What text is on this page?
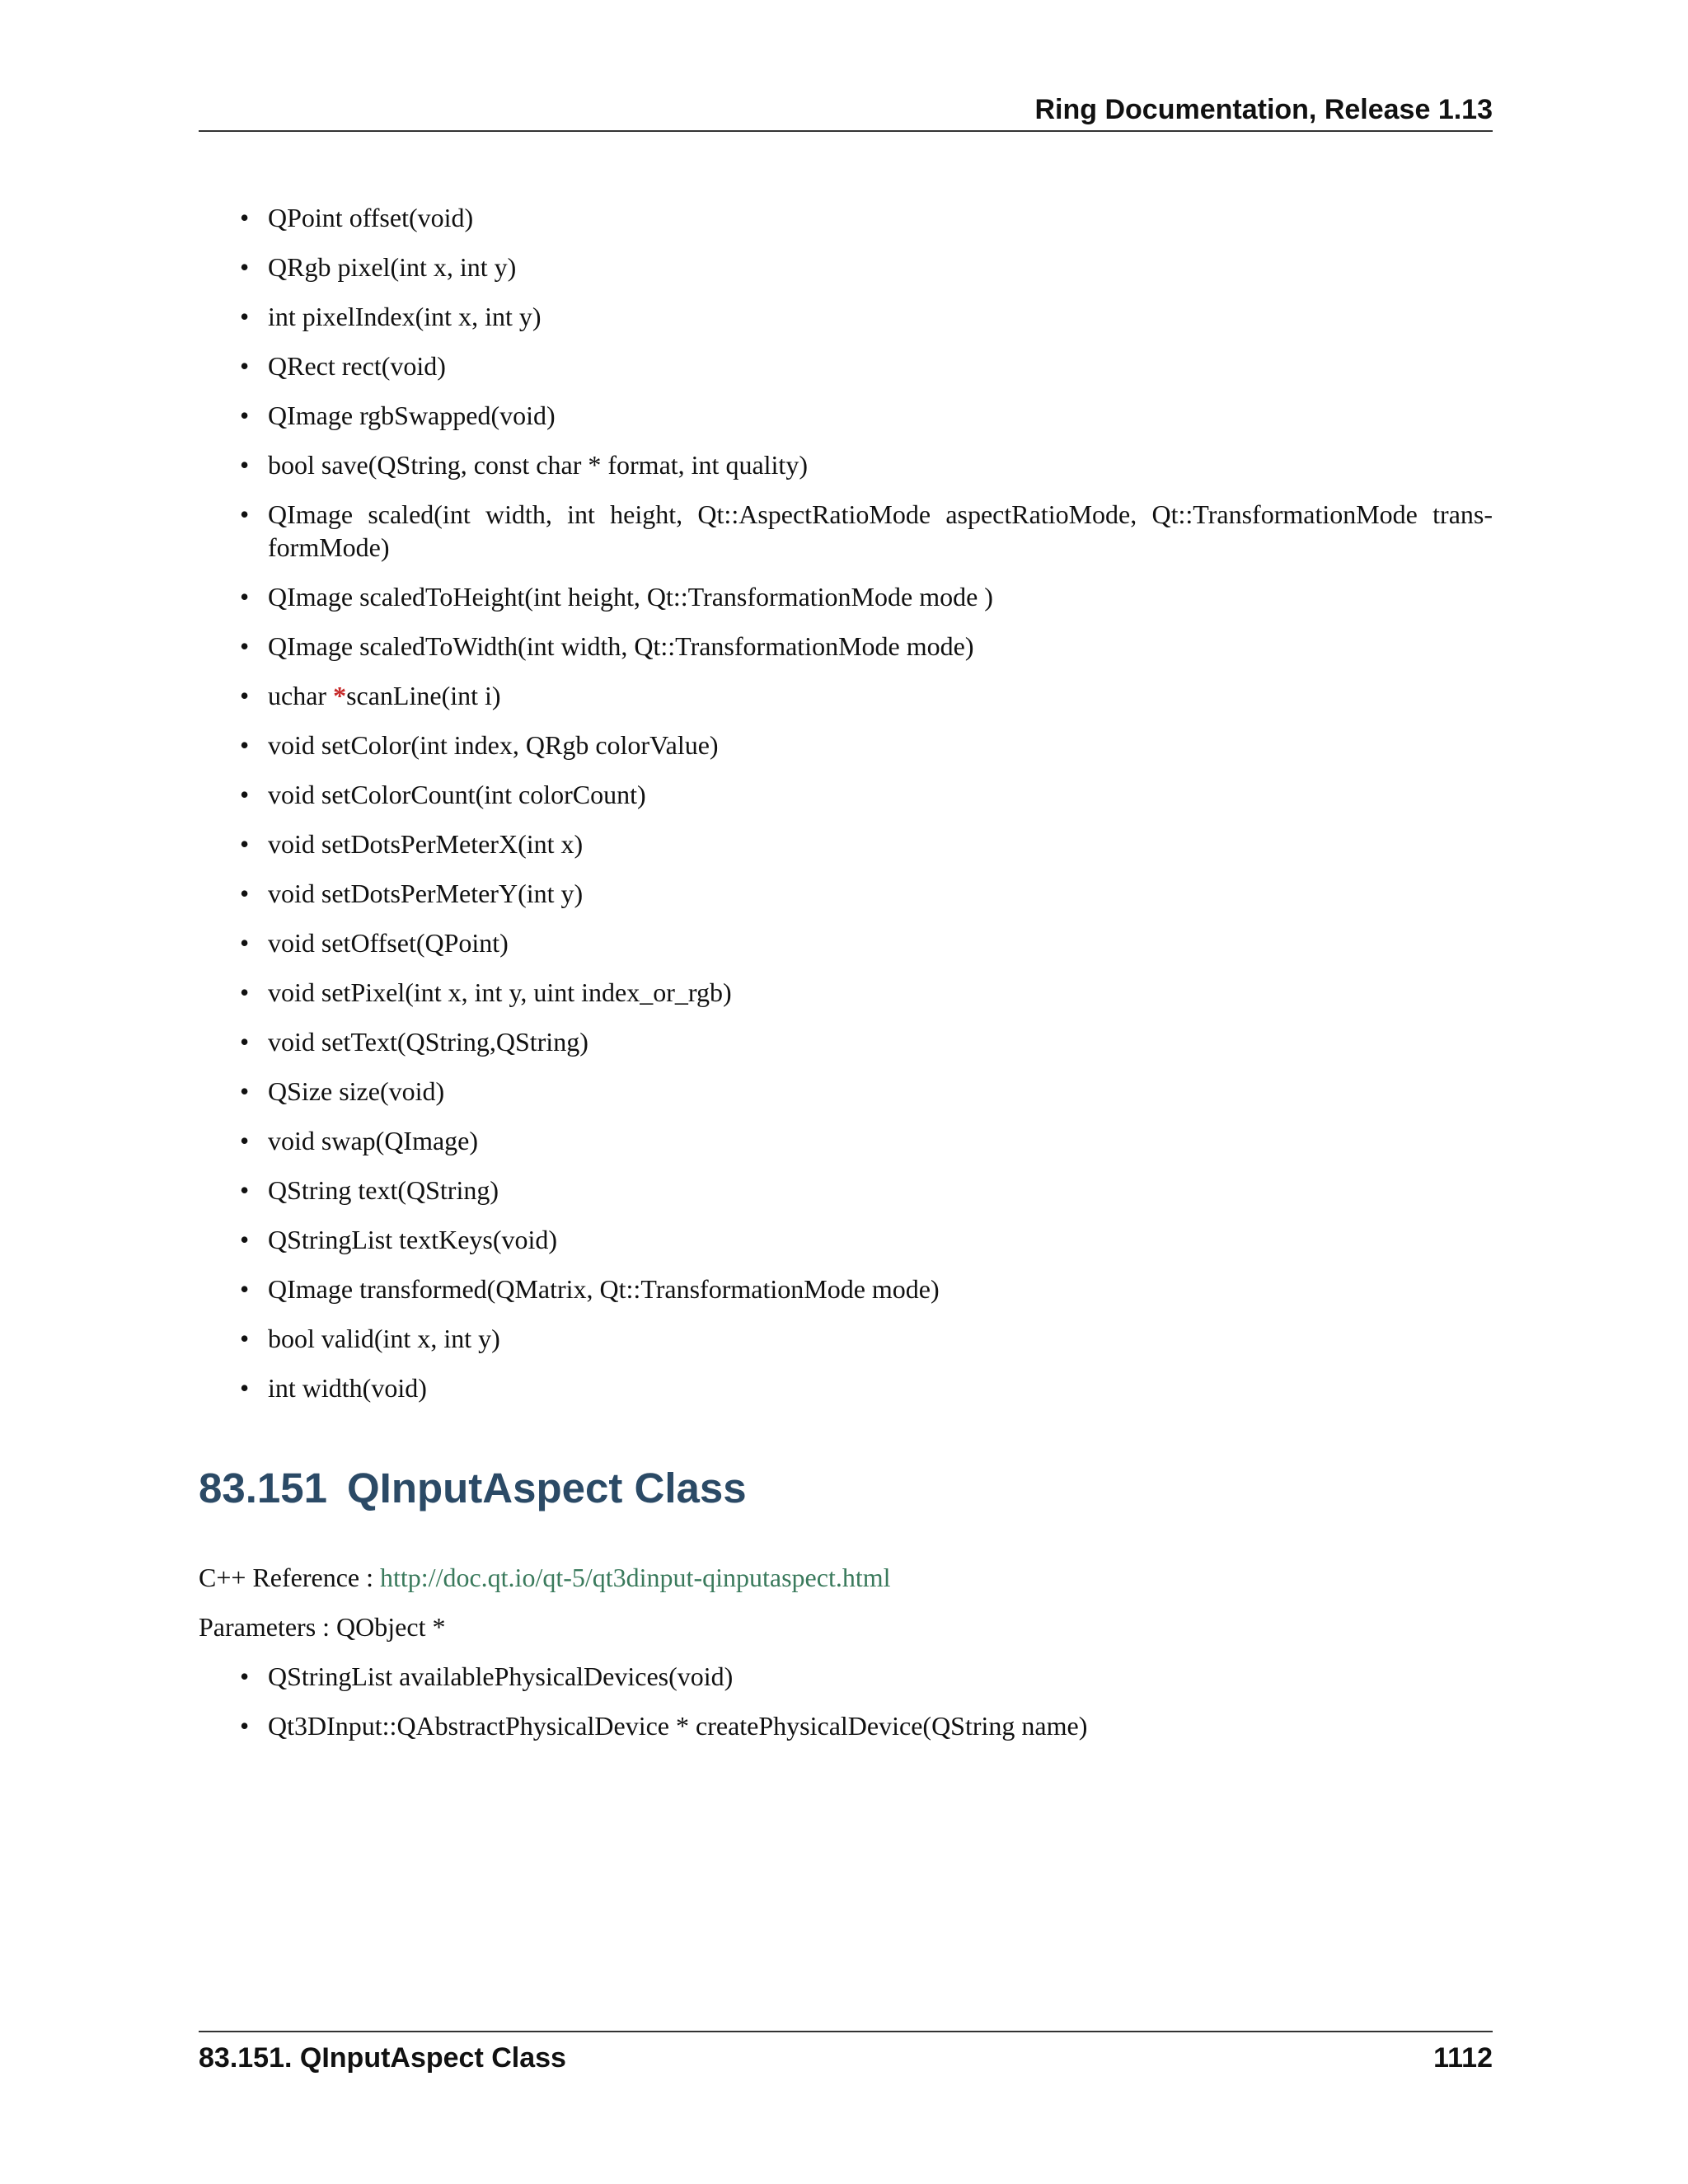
Ring Documentation, Release 1.13
• QPoint offset(void)
• QRgb pixel(int x, int y)
• int pixelIndex(int x, int y)
• QRect rect(void)
• QImage rgbSwapped(void)
• bool save(QString, const char * format, int quality)
• QImage scaled(int width, int height, Qt::AspectRatioMode aspectRatioMode, Qt::TransformationMode trans-formMode)
• QImage scaledToHeight(int height, Qt::TransformationMode mode )
• QImage scaledToWidth(int width, Qt::TransformationMode mode)
• uchar *scanLine(int i)
• void setColor(int index, QRgb colorValue)
• void setColorCount(int colorCount)
• void setDotsPerMeterX(int x)
• void setDotsPerMeterY(int y)
• void setOffset(QPoint)
• void setPixel(int x, int y, uint index_or_rgb)
• void setText(QString,QString)
• QSize size(void)
• void swap(QImage)
• QString text(QString)
• QStringList textKeys(void)
• QImage transformed(QMatrix, Qt::TransformationMode mode)
• bool valid(int x, int y)
• int width(void)
83.151 QInputAspect Class
C++ Reference : http://doc.qt.io/qt-5/qt3dinput-qinputaspect.html
Parameters : QObject *
• QStringList availablePhysicalDevices(void)
• Qt3DInput::QAbstractPhysicalDevice * createPhysicalDevice(QString name)
83.151. QInputAspect Class	1112
